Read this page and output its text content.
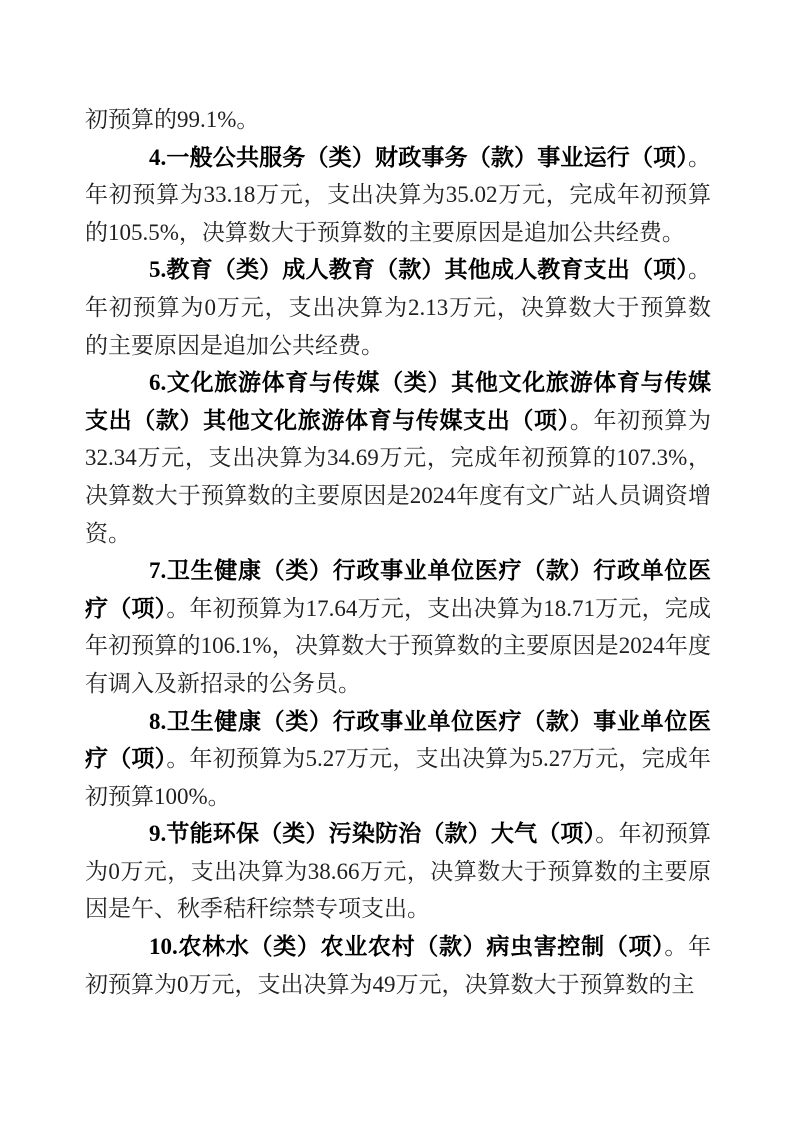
初预算的99.1%。

4.一般公共服务（类）财政事务（款）事业运行（项）。年初预算为33.18万元，支出决算为35.02万元，完成年初预算的105.5%，决算数大于预算数的主要原因是追加公共经费。

5.教育（类）成人教育（款）其他成人教育支出（项）。年初预算为0万元，支出决算为2.13万元，决算数大于预算数的主要原因是追加公共经费。

6.文化旅游体育与传媒（类）其他文化旅游体育与传媒支出（款）其他文化旅游体育与传媒支出（项）。年初预算为32.34万元，支出决算为34.69万元，完成年初预算的107.3%，决算数大于预算数的主要原因是2024年度有文广站人员调资增资。

7.卫生健康（类）行政事业单位医疗（款）行政单位医疗（项）。年初预算为17.64万元，支出决算为18.71万元，完成年初预算的106.1%，决算数大于预算数的主要原因是2024年度有调入及新招录的公务员。

8.卫生健康（类）行政事业单位医疗（款）事业单位医疗（项）。年初预算为5.27万元，支出决算为5.27万元，完成年初预算100%。

9.节能环保（类）污染防治（款）大气（项）。年初预算为0万元，支出决算为38.66万元，决算数大于预算数的主要原因是午、秋季秸秆综禁专项支出。

10.农林水（类）农业农村（款）病虫害控制（项）。年初预算为0万元，支出决算为49万元，决算数大于预算数的主
